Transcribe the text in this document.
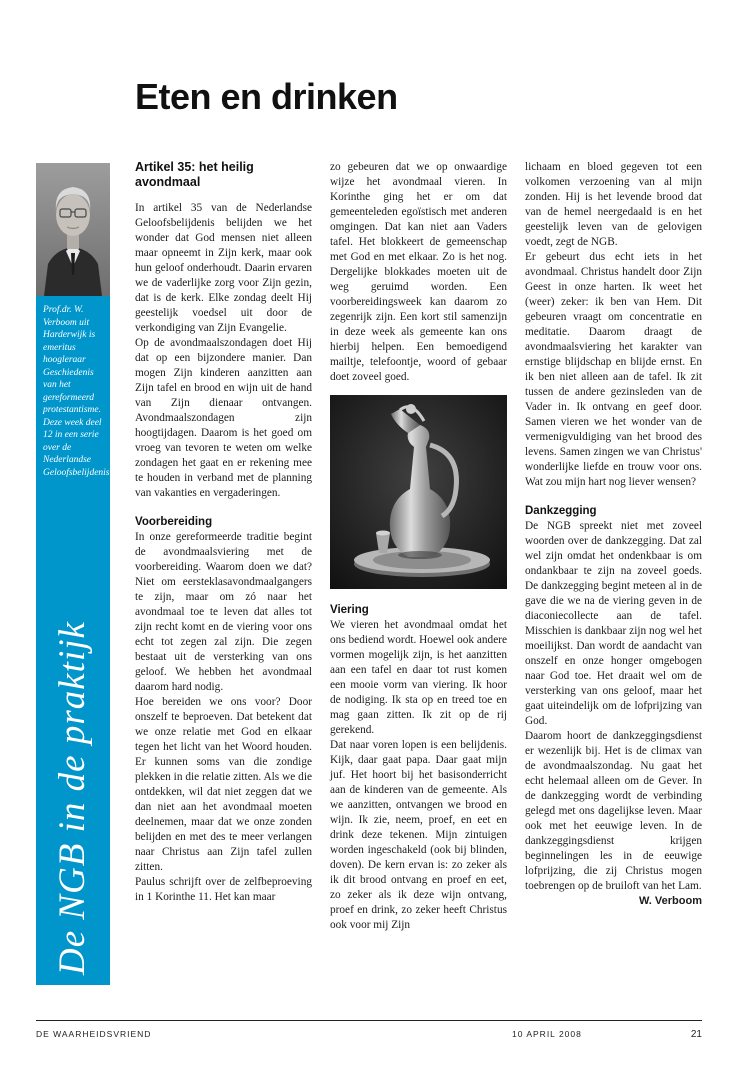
Eten en drinken
Prof.dr. W. Verboom uit Harderwijk is emeritus hoogleraar Geschiedenis van het gereformeerd protestantisme. Deze week deel 12 in een serie over de Nederlandse Geloofsbelijdenis.
De NGB in de praktijk
Artikel 35: het heilig avondmaal

In artikel 35 van de Nederlandse Geloofsbelijdenis belijden we het wonder dat God mensen niet alleen maar opneemt in Zijn kerk, maar ook hun geloof onderhoudt. Daarin ervaren we de vaderlijke zorg voor Zijn gezin, dat is de kerk. Elke zondag deelt Hij geestelijk voedsel uit door de verkondiging van Zijn Evangelie.

Op de avondmaalszondagen doet Hij dat op een bijzondere manier. Dan mogen Zijn kinderen aanzitten aan Zijn tafel en brood en wijn uit de hand van Zijn dienaar ontvangen. Avondmaalszondagen zijn hoogtijdagen. Daarom is het goed om vroeg van tevoren te weten om welke zondagen het gaat en er rekening mee te houden in verband met de planning van vakanties en vergaderingen.

Voorbereiding

In onze gereformeerde traditie begint de avondmaalsviering met de voorbereiding. Waarom doen we dat? Niet om eersteklasavondmaalgangers te zijn, maar om zó naar het avondmaal toe te leven dat alles tot zijn recht komt en de viering voor ons echt tot zegen zal zijn. Die zegen bestaat uit de versterking van ons geloof. We hebben het avondmaal daarom hard nodig.

Hoe bereiden we ons voor? Door onszelf te beproeven. Dat betekent dat we onze relatie met God en elkaar tegen het licht van het Woord houden. Er kunnen soms van die zondige plekken in die relatie zitten. Als we die ontdekken, wil dat niet zeggen dat we dan niet aan het avondmaal moeten deelnemen, maar dat we onze zonden belijden en met des te meer verlangen naar Christus aan Zijn tafel zullen zitten.

Paulus schrijft over de zelfbeproeving in 1 Korinthe 11. Het kan maar

zo gebeuren dat we op onwaardige wijze het avondmaal vieren. In Korinthe ging het er om dat gemeenteleden egoïstisch met anderen omgingen. Dat kan niet aan Vaders tafel. Het blokkeert de gemeenschap met God en met elkaar. Zo is het nog. Dergelijke blokkades moeten uit de weg geruimd worden. Een voorbereidingsweek kan daarom zo zegenrijk zijn. Een kort stil samenzijn in deze week als gemeente kan ons hierbij helpen. Een bemoedigend mailtje, telefoontje, woord of gebaar doet zoveel goed.

Viering

We vieren het avondmaal omdat het ons bediend wordt. Hoewel ook andere vormen mogelijk zijn, is het aanzitten aan een tafel en daar tot rust komen een mooie vorm van viering. Ik hoor de nodiging. Ik sta op en treed toe en mag gaan zitten. Ik zit op de rij gerekend.

Dat naar voren lopen is een belijdenis. Kijk, daar gaat papa. Daar gaat mijn juf. Het hoort bij het basisonderricht aan de kinderen van de gemeente. Als we aanzitten, ontvangen we brood en wijn. Ik zie, neem, proef, en eet en drink deze tekenen. Mijn zintuigen worden ingeschakeld (ook bij blinden, doven). De kern ervan is: zo zeker als ik dit brood ontvang en proef en eet, zo zeker als ik deze wijn ontvang, proef en drink, zo zeker heeft Christus ook voor mij Zijn

lichaam en bloed gegeven tot een volkomen verzoening van al mijn zonden. Hij is het levende brood dat van de hemel neergedaald is en het geestelijk leven van de gelovigen voedt, zegt de NGB.

Er gebeurt dus echt iets in het avondmaal. Christus handelt door Zijn Geest in onze harten. Ik weet het (weer) zeker: ik ben van Hem. Dit gebeuren vraagt om concentratie en meditatie. Daarom draagt de avondmaalsviering het karakter van ernstige blijdschap en blijde ernst. En ik ben niet alleen aan de tafel. Ik zit tussen de andere gezinsleden van de Vader in. Ik ontvang en geef door. Samen vieren we het wonder van de vermenigvuldiging van het brood des levens. Samen zingen we van Christus' wonderlijke liefde en trouw voor ons. Wat zou mijn hart nog liever wensen?

Dankzegging

De NGB spreekt niet met zoveel woorden over de dankzegging. Dat zal wel zijn omdat het ondenkbaar is om ondankbaar te zijn na zoveel goeds. De dankzegging begint meteen al in de gave die we na de viering geven in de diaconiecollecte aan de tafel. Misschien is dankbaar zijn nog wel het moeilijkst. Dan wordt de aandacht van onszelf en onze honger omgebogen naar God toe. Het draait wel om de versterking van ons geloof, maar het gaat uiteindelijk om de lofprijzing van God.

Daarom hoort de dankzeggingsdienst er wezenlijk bij. Het is de climax van de avondmaalszondag. Nu gaat het echt helemaal alleen om de Gever. In de dankzegging wordt de verbinding gelegd met ons dagelijkse leven. Maar ook met het eeuwige leven. In de dankzeggingsdienst krijgen beginnelingen les in de eeuwige lofprijzing, die zij Christus mogen toebrengen op de bruiloft van het Lam.

W. Verboom

DE WAARHEIDSVRIEND	10 APRIL 2008	21
